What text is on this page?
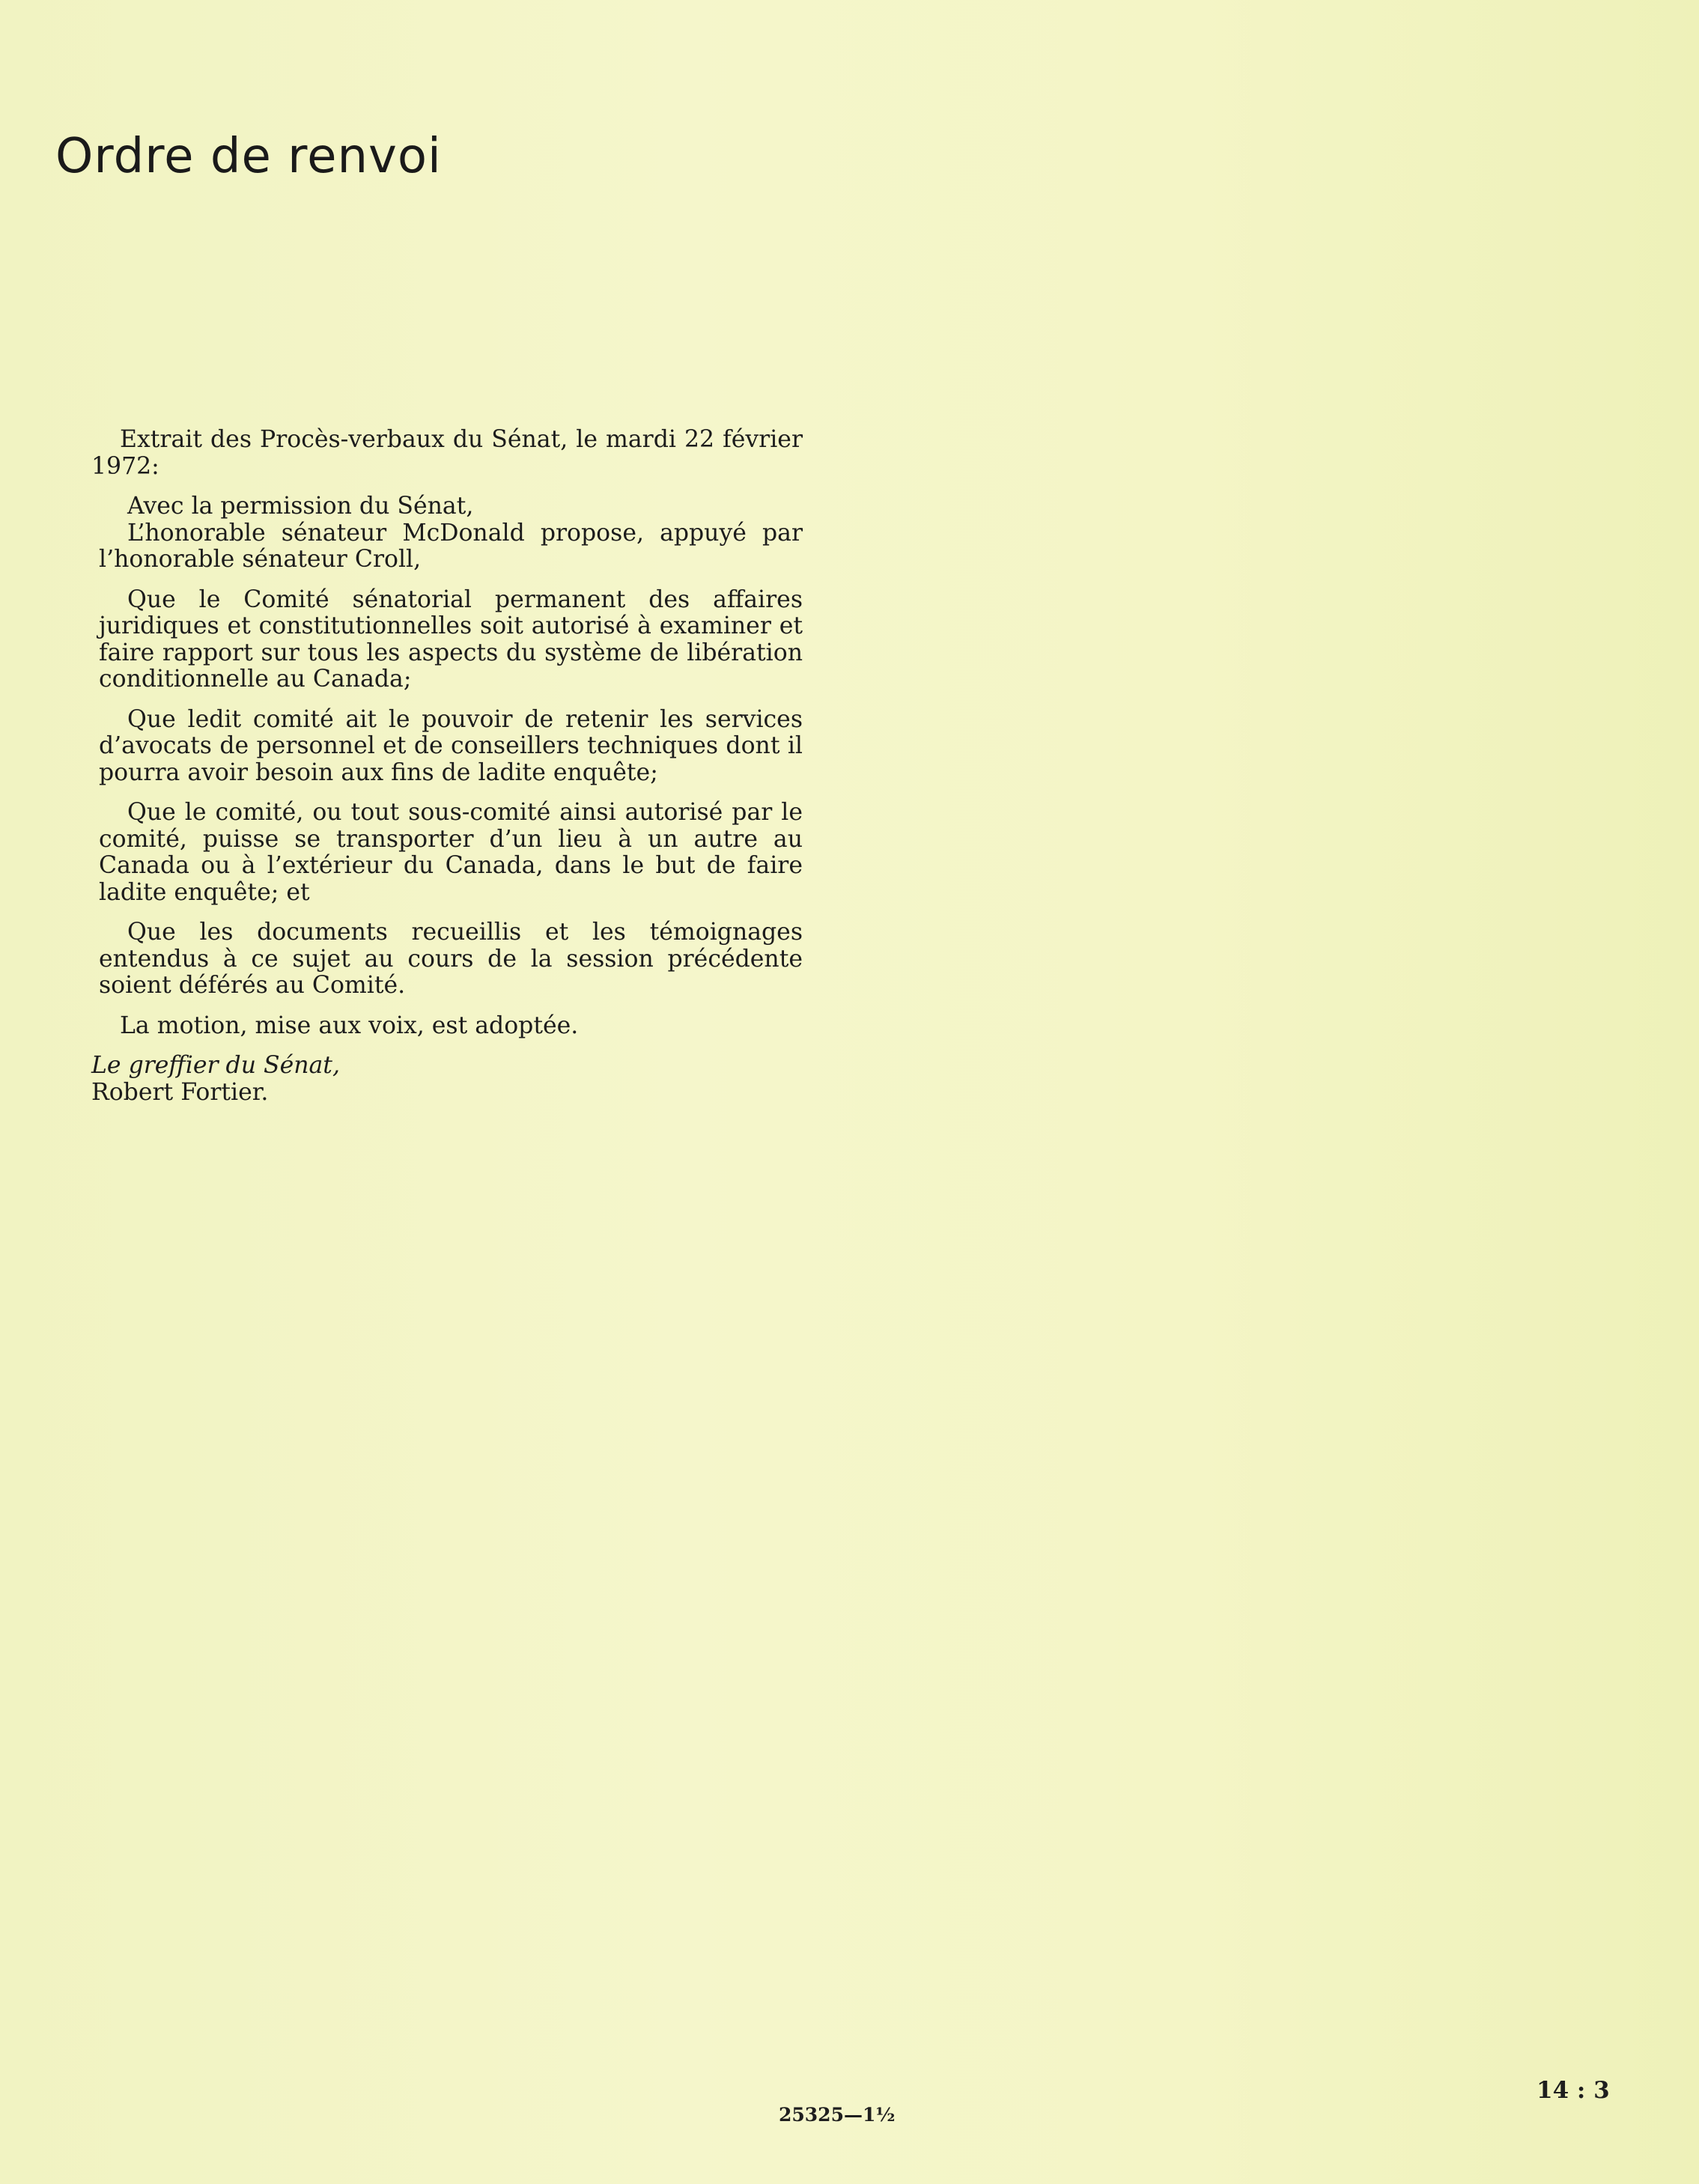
Ordre de renvoi

Extrait des Procès-verbaux du Sénat, le mardi 22 février 1972:

Avec la permission du Sénat,

L’honorable sénateur McDonald propose, appuyé par l’honorable sénateur Croll,

Que le Comité sénatorial permanent des affaires juridiques et constitutionnelles soit autorisé à examiner et faire rapport sur tous les aspects du système de libération conditionnelle au Canada;

Que ledit comité ait le pouvoir de retenir les services d’avocats de personnel et de conseillers techniques dont il pourra avoir besoin aux fins de ladite enquête;

Que le comité, ou tout sous-comité ainsi autorisé par le comité, puisse se transporter d’un lieu à un autre au Canada ou à l’extérieur du Canada, dans le but de faire ladite enquête; et

Que les documents recueillis et les témoignages entendus à ce sujet au cours de la session précédente soient déférés au Comité.

La motion, mise aux voix, est adoptée.

Le greffier du Sénat,

Robert Fortier.

25325—1½
14 : 3
